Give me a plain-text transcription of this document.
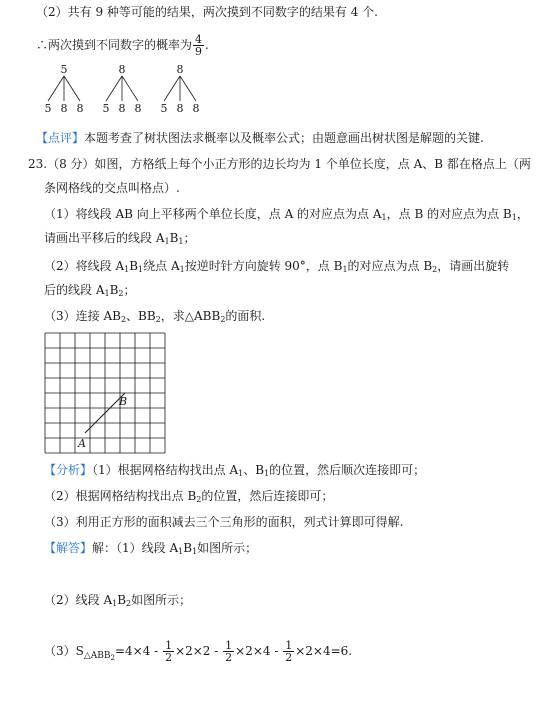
（2）共有 9 种等可能的结果，两次摸到不同数字的结果有 4 个.
∴两次摸到不同数字的概率为 $\frac{4}{9}$ .
5
5 8 8
8
5 8 8
8
5 8 8
【点评】本题考查了树状图法求概率以及概率公式；由题意画出树状图是解题的关键.
23.（8 分）如图，方格纸上每个小正方形的边长均为 1 个单位长度，点 A、B 都在格点上（两
条网格线的交点叫格点）.
（1）将线段 AB 向上平移两个单位长度，点 A 的对应点为点 $A_1$，点 B 的对应点为点 $B_1$，
请画出平移后的线段 $A_1B_1$；
（2）将线段 $A_1B_1$绕点 $A_1$按逆时针方向旋转 90°，点 $B_1$的对应点为点 $B_2$，请画出旋转
后的线段 $A_1B_2$；
（3）连接 $AB_2$、$BB_2$，求$\triangle ABB_2$的面积.
A
B
【分析】（1）根据网格结构找出点 $A_1$、$B_1$的位置，然后顺次连接即可；
（2）根据网格结构找出点 $B_2$的位置，然后连接即可；
（3）利用正方形的面积减去三个三角形的面积，列式计算即可得解.
【解答】解：（1）线段 $A_1B_1$如图所示；
（2）线段 $A_1B_2$如图所示；
$(3)S_{\triangle ABB2}=4\times 4 - \frac{1}{2} \times 2\times 2 - \frac{1}{2} \times 2\times 4 - \frac{1}{2} \times 2\times 4=6$.
